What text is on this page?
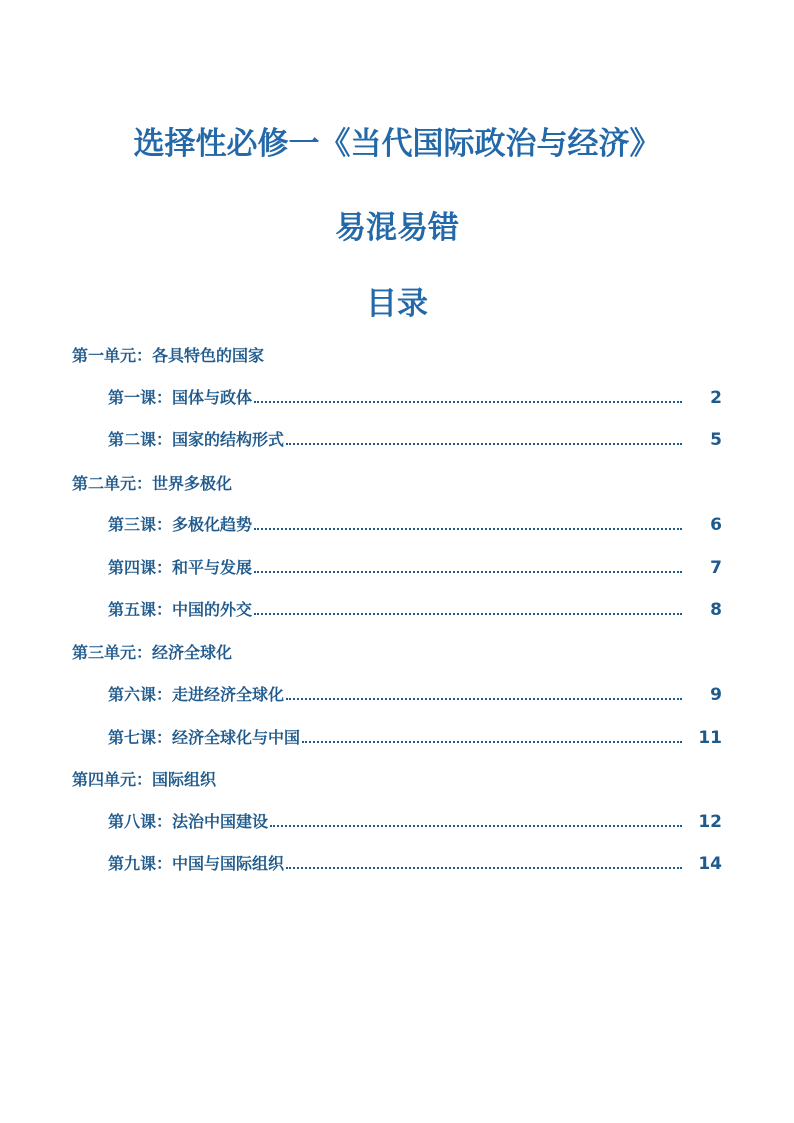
选择性必修一《当代国际政治与经济》
易混易错
目录
第一单元：各具特色的国家
第一课：国体与政体	2
第二课：国家的结构形式	5
第二单元：世界多极化
第三课：多极化趋势	6
第四课：和平与发展	7
第五课：中国的外交	8
第三单元：经济全球化
第六课：走进经济全球化	9
第七课：经济全球化与中国	11
第四单元：国际组织
第八课：法治中国建设	12
第九课：中国与国际组织	14
